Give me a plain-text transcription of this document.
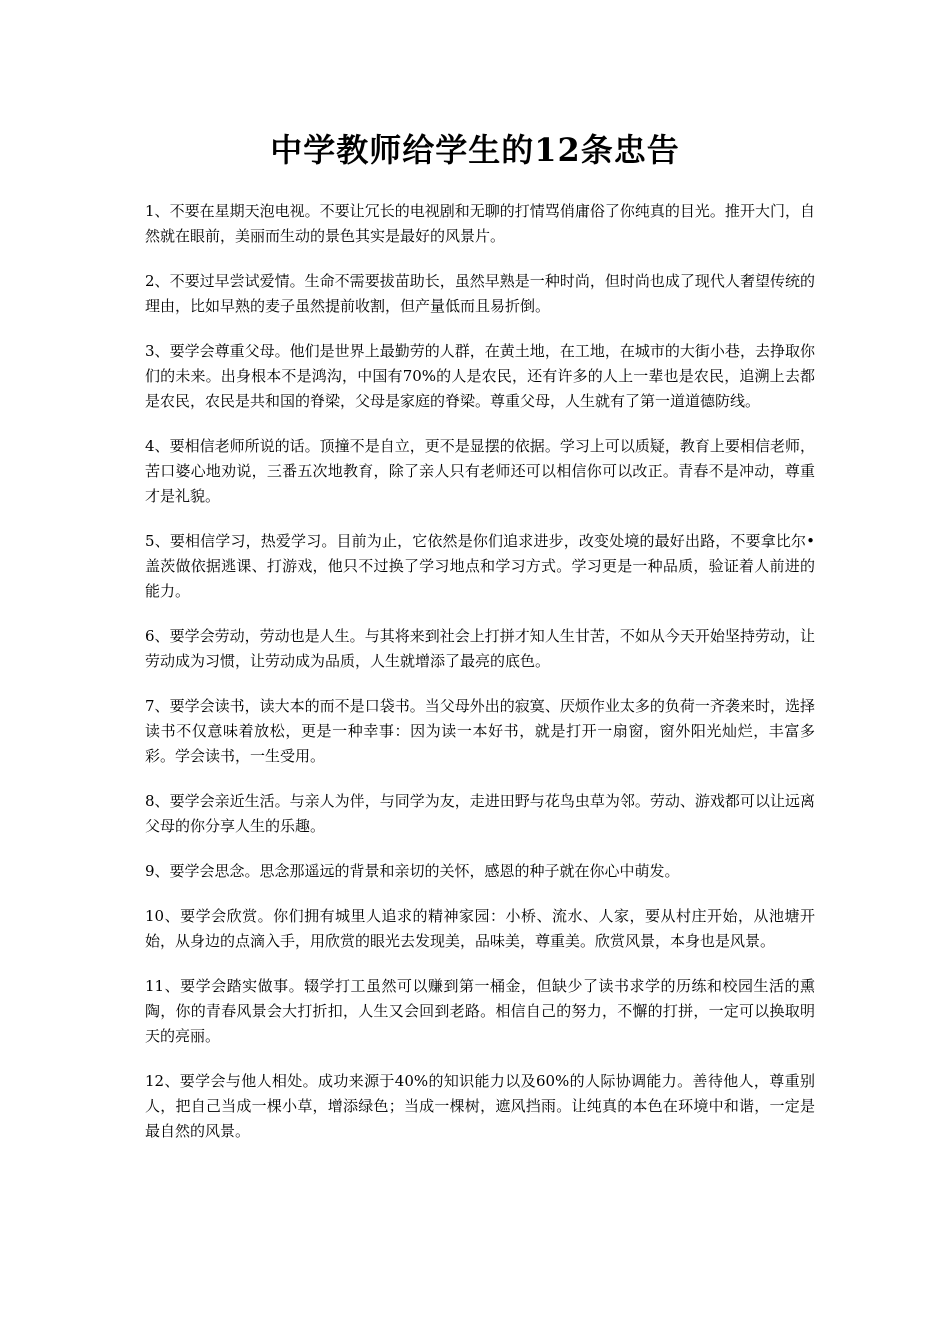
中学教师给学生的12条忠告

1、不要在星期天泡电视。不要让冗长的电视剧和无聊的打情骂俏庸俗了你纯真的目光。推开大门，自然就在眼前，美丽而生动的景色其实是最好的风景片。

2、不要过早尝试爱情。生命不需要拔苗助长，虽然早熟是一种时尚，但时尚也成了现代人奢望传统的理由，比如早熟的麦子虽然提前收割，但产量低而且易折倒。

3、要学会尊重父母。他们是世界上最勤劳的人群，在黄土地，在工地，在城市的大街小巷，去挣取你们的未来。出身根本不是鸿沟，中国有70%的人是农民，还有许多的人上一辈也是农民，追溯上去都是农民，农民是共和国的脊梁，父母是家庭的脊梁。尊重父母，人生就有了第一道道德防线。

4、要相信老师所说的话。顶撞不是自立，更不是显摆的依据。学习上可以质疑，教育上要相信老师，苦口婆心地劝说，三番五次地教育，除了亲人只有老师还可以相信你可以改正。青春不是冲动，尊重才是礼貌。

5、要相信学习，热爱学习。目前为止，它依然是你们追求进步，改变处境的最好出路，不要拿比尔•盖茨做依据逃课、打游戏，他只不过换了学习地点和学习方式。学习更是一种品质，验证着人前进的能力。

6、要学会劳动，劳动也是人生。与其将来到社会上打拼才知人生甘苦，不如从今天开始坚持劳动，让劳动成为习惯，让劳动成为品质，人生就增添了最亮的底色。

7、要学会读书，读大本的而不是口袋书。当父母外出的寂寞、厌烦作业太多的负荷一齐袭来时，选择读书不仅意味着放松，更是一种幸事：因为读一本好书，就是打开一扇窗，窗外阳光灿烂，丰富多彩。学会读书，一生受用。

8、要学会亲近生活。与亲人为伴，与同学为友，走进田野与花鸟虫草为邻。劳动、游戏都可以让远离父母的你分享人生的乐趣。

9、要学会思念。思念那遥远的背景和亲切的关怀，感恩的种子就在你心中萌发。

10、要学会欣赏。你们拥有城里人追求的精神家园：小桥、流水、人家，要从村庄开始，从池塘开始，从身边的点滴入手，用欣赏的眼光去发现美，品味美，尊重美。欣赏风景，本身也是风景。

11、要学会踏实做事。辍学打工虽然可以赚到第一桶金，但缺少了读书求学的历练和校园生活的熏陶，你的青春风景会大打折扣，人生又会回到老路。相信自己的努力，不懈的打拼，一定可以换取明天的亮丽。

12、要学会与他人相处。成功来源于40%的知识能力以及60%的人际协调能力。善待他人，尊重别人，把自己当成一棵小草，增添绿色；当成一棵树，遮风挡雨。让纯真的本色在环境中和谐，一定是最自然的风景。
